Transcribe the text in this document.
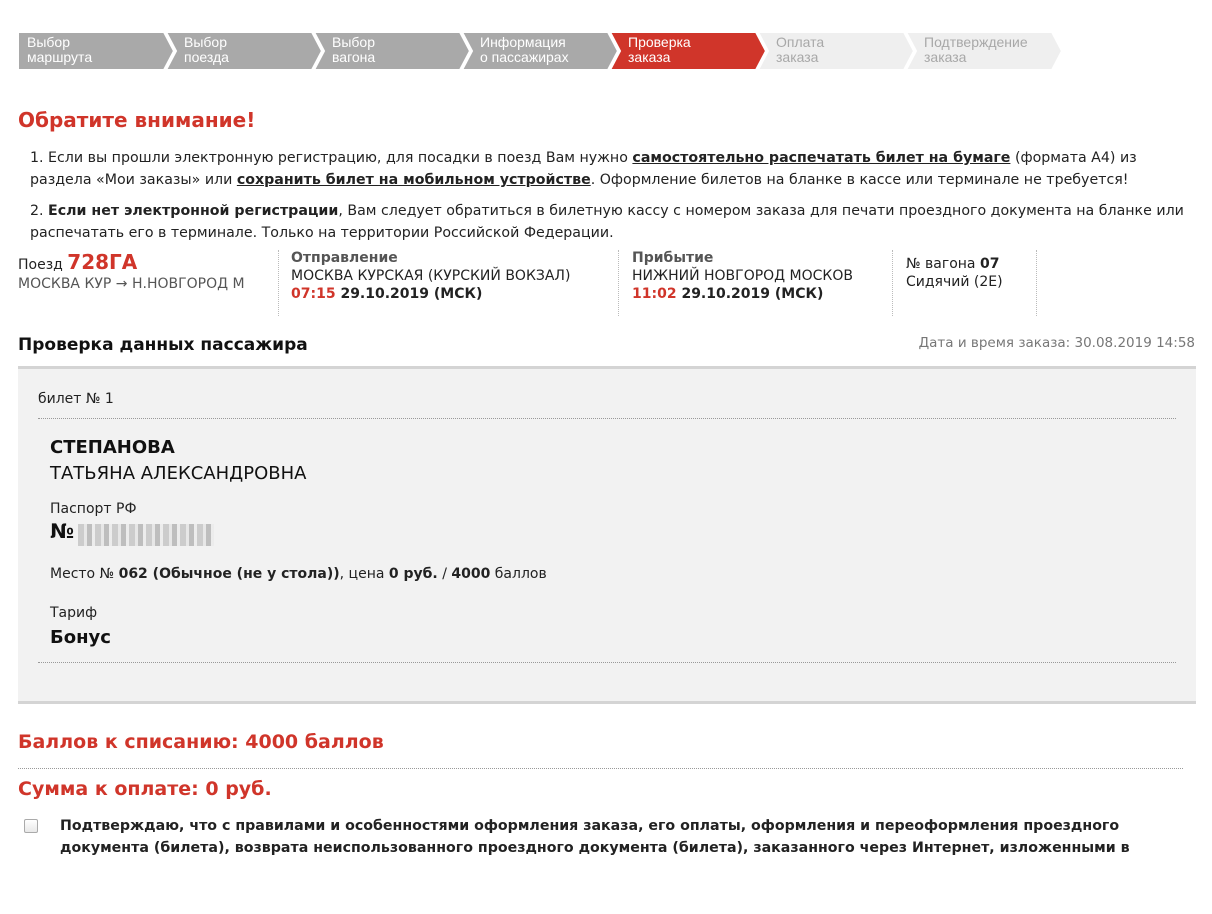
Выбор
маршрута
Выбор
поезда
Выбор
вагона
Информация
о пассажирах
Проверка
заказа
Оплата
заказа
Подтверждение
заказа
Обратите внимание!
1. Если вы прошли электронную регистрацию, для посадки в поезд Вам нужно самостоятельно распечатать билет на бумаге (формата А4) из раздела «Мои заказы» или сохранить билет на мобильном устройстве. Оформление билетов на бланке в кассе или терминале не требуется!
2. Если нет электронной регистрации, Вам следует обратиться в билетную кассу с номером заказа для печати проездного документа на бланке или распечатать его в терминале. Только на территории Российской Федерации.
Поезд 728ГА
МОСКВА КУР → Н.НОВГОРОД М
Отправление
МОСКВА КУРСКАЯ (КУРСКИЙ ВОКЗАЛ)
07:15 29.10.2019 (МСК)
Прибытие
НИЖНИЙ НОВГОРОД МОСКОВ
11:02 29.10.2019 (МСК)
№ вагона 07
Сидячий (2Е)
Проверка данных пассажира	Дата и время заказа: 30.08.2019 14:58
билет № 1
СТЕПАНОВА
ТАТЬЯНА АЛЕКСАНДРОВНА
Паспорт РФ
№
Место № 062 (Обычное (не у стола)), цена 0 руб. / 4000 баллов
Тариф
Бонус
Баллов к списанию: 4000 баллов
Сумма к оплате: 0 руб.
Подтверждаю, что с правилами и особенностями оформления заказа, его оплаты, оформления и переоформления проездного документа (билета), возврата неиспользованного проездного документа (билета), заказанного через Интернет, изложенными в
